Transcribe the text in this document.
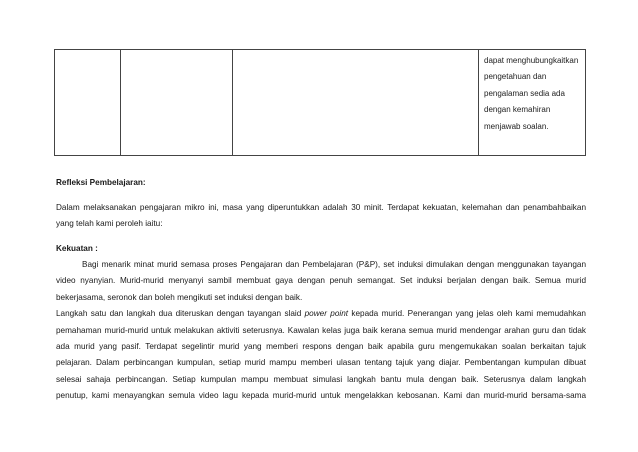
dapat menghubungkaitkan
pengetahuan dan
pengalaman sedia ada
dengan kemahiran
menjawab soalan.

Refleksi Pembelajaran:

Dalam melaksanakan pengajaran mikro ini, masa yang diperuntukkan adalah 30 minit. Terdapat kekuatan, kelemahan dan penambahbaikan

yang telah kami peroleh iaitu:

Kekuatan :

Bagi menarik minat murid semasa proses Pengajaran dan Pembelajaran (P&P), set induksi dimulakan dengan menggunakan tayangan

video nyanyian. Murid-murid menyanyi sambil membuat gaya dengan penuh semangat. Set induksi berjalan dengan baik. Semua murid

bekerjasama, seronok dan boleh mengikuti set induksi dengan baik.

Langkah satu dan langkah dua diteruskan dengan tayangan slaid power point kepada murid. Penerangan yang jelas oleh kami memudahkan

pemahaman murid-murid untuk melakukan aktiviti seterusnya. Kawalan kelas juga baik kerana semua murid mendengar arahan guru dan tidak

ada murid yang pasif. Terdapat segelintir murid yang memberi respons dengan baik apabila guru mengemukakan soalan berkaitan tajuk

pelajaran. Dalam perbincangan kumpulan, setiap murid mampu memberi ulasan tentang tajuk yang diajar. Pembentangan kumpulan dibuat

selesai sahaja perbincangan. Setiap kumpulan mampu membuat simulasi langkah bantu mula dengan baik. Seterusnya dalam langkah

penutup, kami menayangkan semula video lagu kepada murid-murid untuk mengelakkan kebosanan. Kami dan murid-murid bersama-sama
